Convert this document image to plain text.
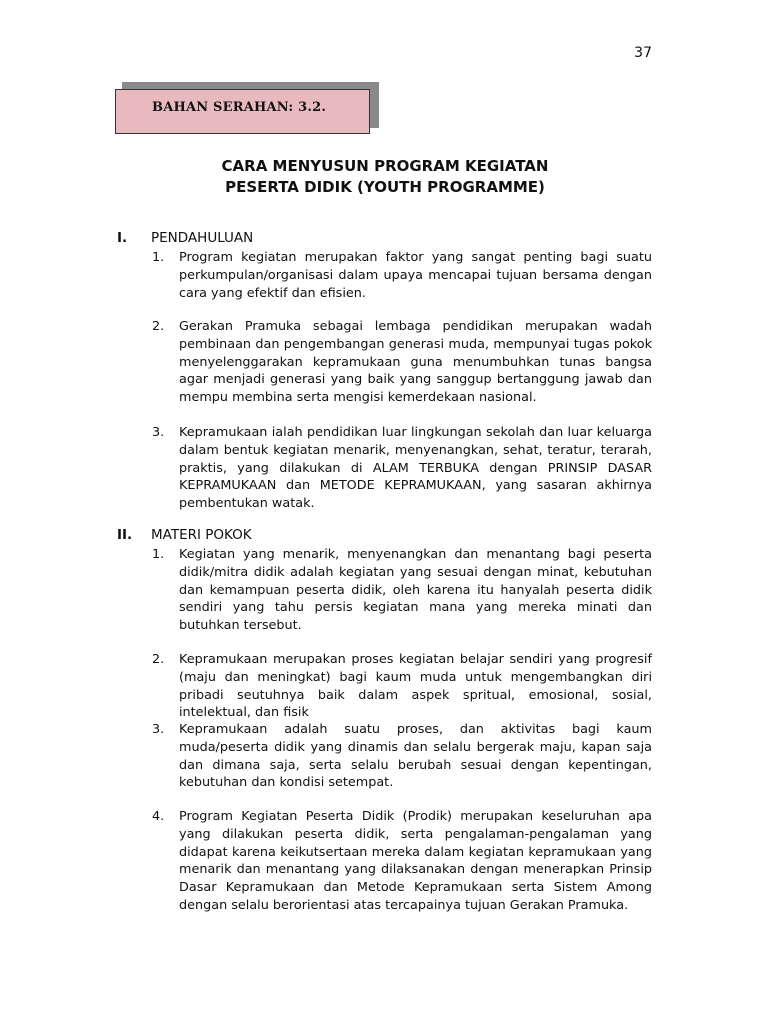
37
BAHAN SERAHAN: 3.2.
CARA MENYUSUN PROGRAM KEGIATAN
PESERTA DIDIK (YOUTH PROGRAMME)
I. PENDAHULUAN
1. Program kegiatan merupakan faktor yang sangat penting bagi suatu perkumpulan/organisasi dalam upaya mencapai tujuan bersama dengan cara yang efektif dan efisien.
2. Gerakan Pramuka sebagai lembaga pendidikan merupakan wadah pembinaan dan pengembangan generasi muda, mempunyai tugas pokok menyelenggarakan kepramukaan guna menumbuhkan tunas bangsa agar menjadi generasi yang baik yang sanggup bertanggung jawab dan mempu membina serta mengisi kemerdekaan nasional.
3. Kepramukaan ialah pendidikan luar lingkungan sekolah dan luar keluarga dalam bentuk kegiatan menarik, menyenangkan, sehat, teratur, terarah, praktis, yang dilakukan di ALAM TERBUKA dengan PRINSIP DASAR KEPRAMUKAAN dan METODE KEPRAMUKAAN, yang sasaran akhirnya pembentukan watak.
II. MATERI POKOK
1. Kegiatan yang menarik, menyenangkan dan menantang bagi peserta didik/mitra didik adalah kegiatan yang sesuai dengan minat, kebutuhan dan kemampuan peserta didik, oleh karena itu hanyalah peserta didik sendiri yang tahu persis kegiatan mana yang mereka minati dan butuhkan tersebut.
2. Kepramukaan merupakan proses kegiatan belajar sendiri yang progresif (maju dan meningkat) bagi kaum muda untuk mengembangkan diri pribadi seutuhnya baik dalam aspek spritual, emosional, sosial, intelektual, dan fisik
3. Kepramukaan adalah suatu proses, dan aktivitas bagi kaum muda/peserta didik yang dinamis dan selalu bergerak maju, kapan saja dan dimana saja, serta selalu berubah sesuai dengan kepentingan, kebutuhan dan kondisi setempat.
4. Program Kegiatan Peserta Didik (Prodik) merupakan keseluruhan apa yang dilakukan peserta didik, serta pengalaman-pengalaman yang didapat karena keikutsertaan mereka dalam kegiatan kepramukaan yang menarik dan menantang yang dilaksanakan dengan menerapkan Prinsip Dasar Kepramukaan dan Metode Kepramukaan serta Sistem Among dengan selalu berorientasi atas tercapainya tujuan Gerakan Pramuka.
